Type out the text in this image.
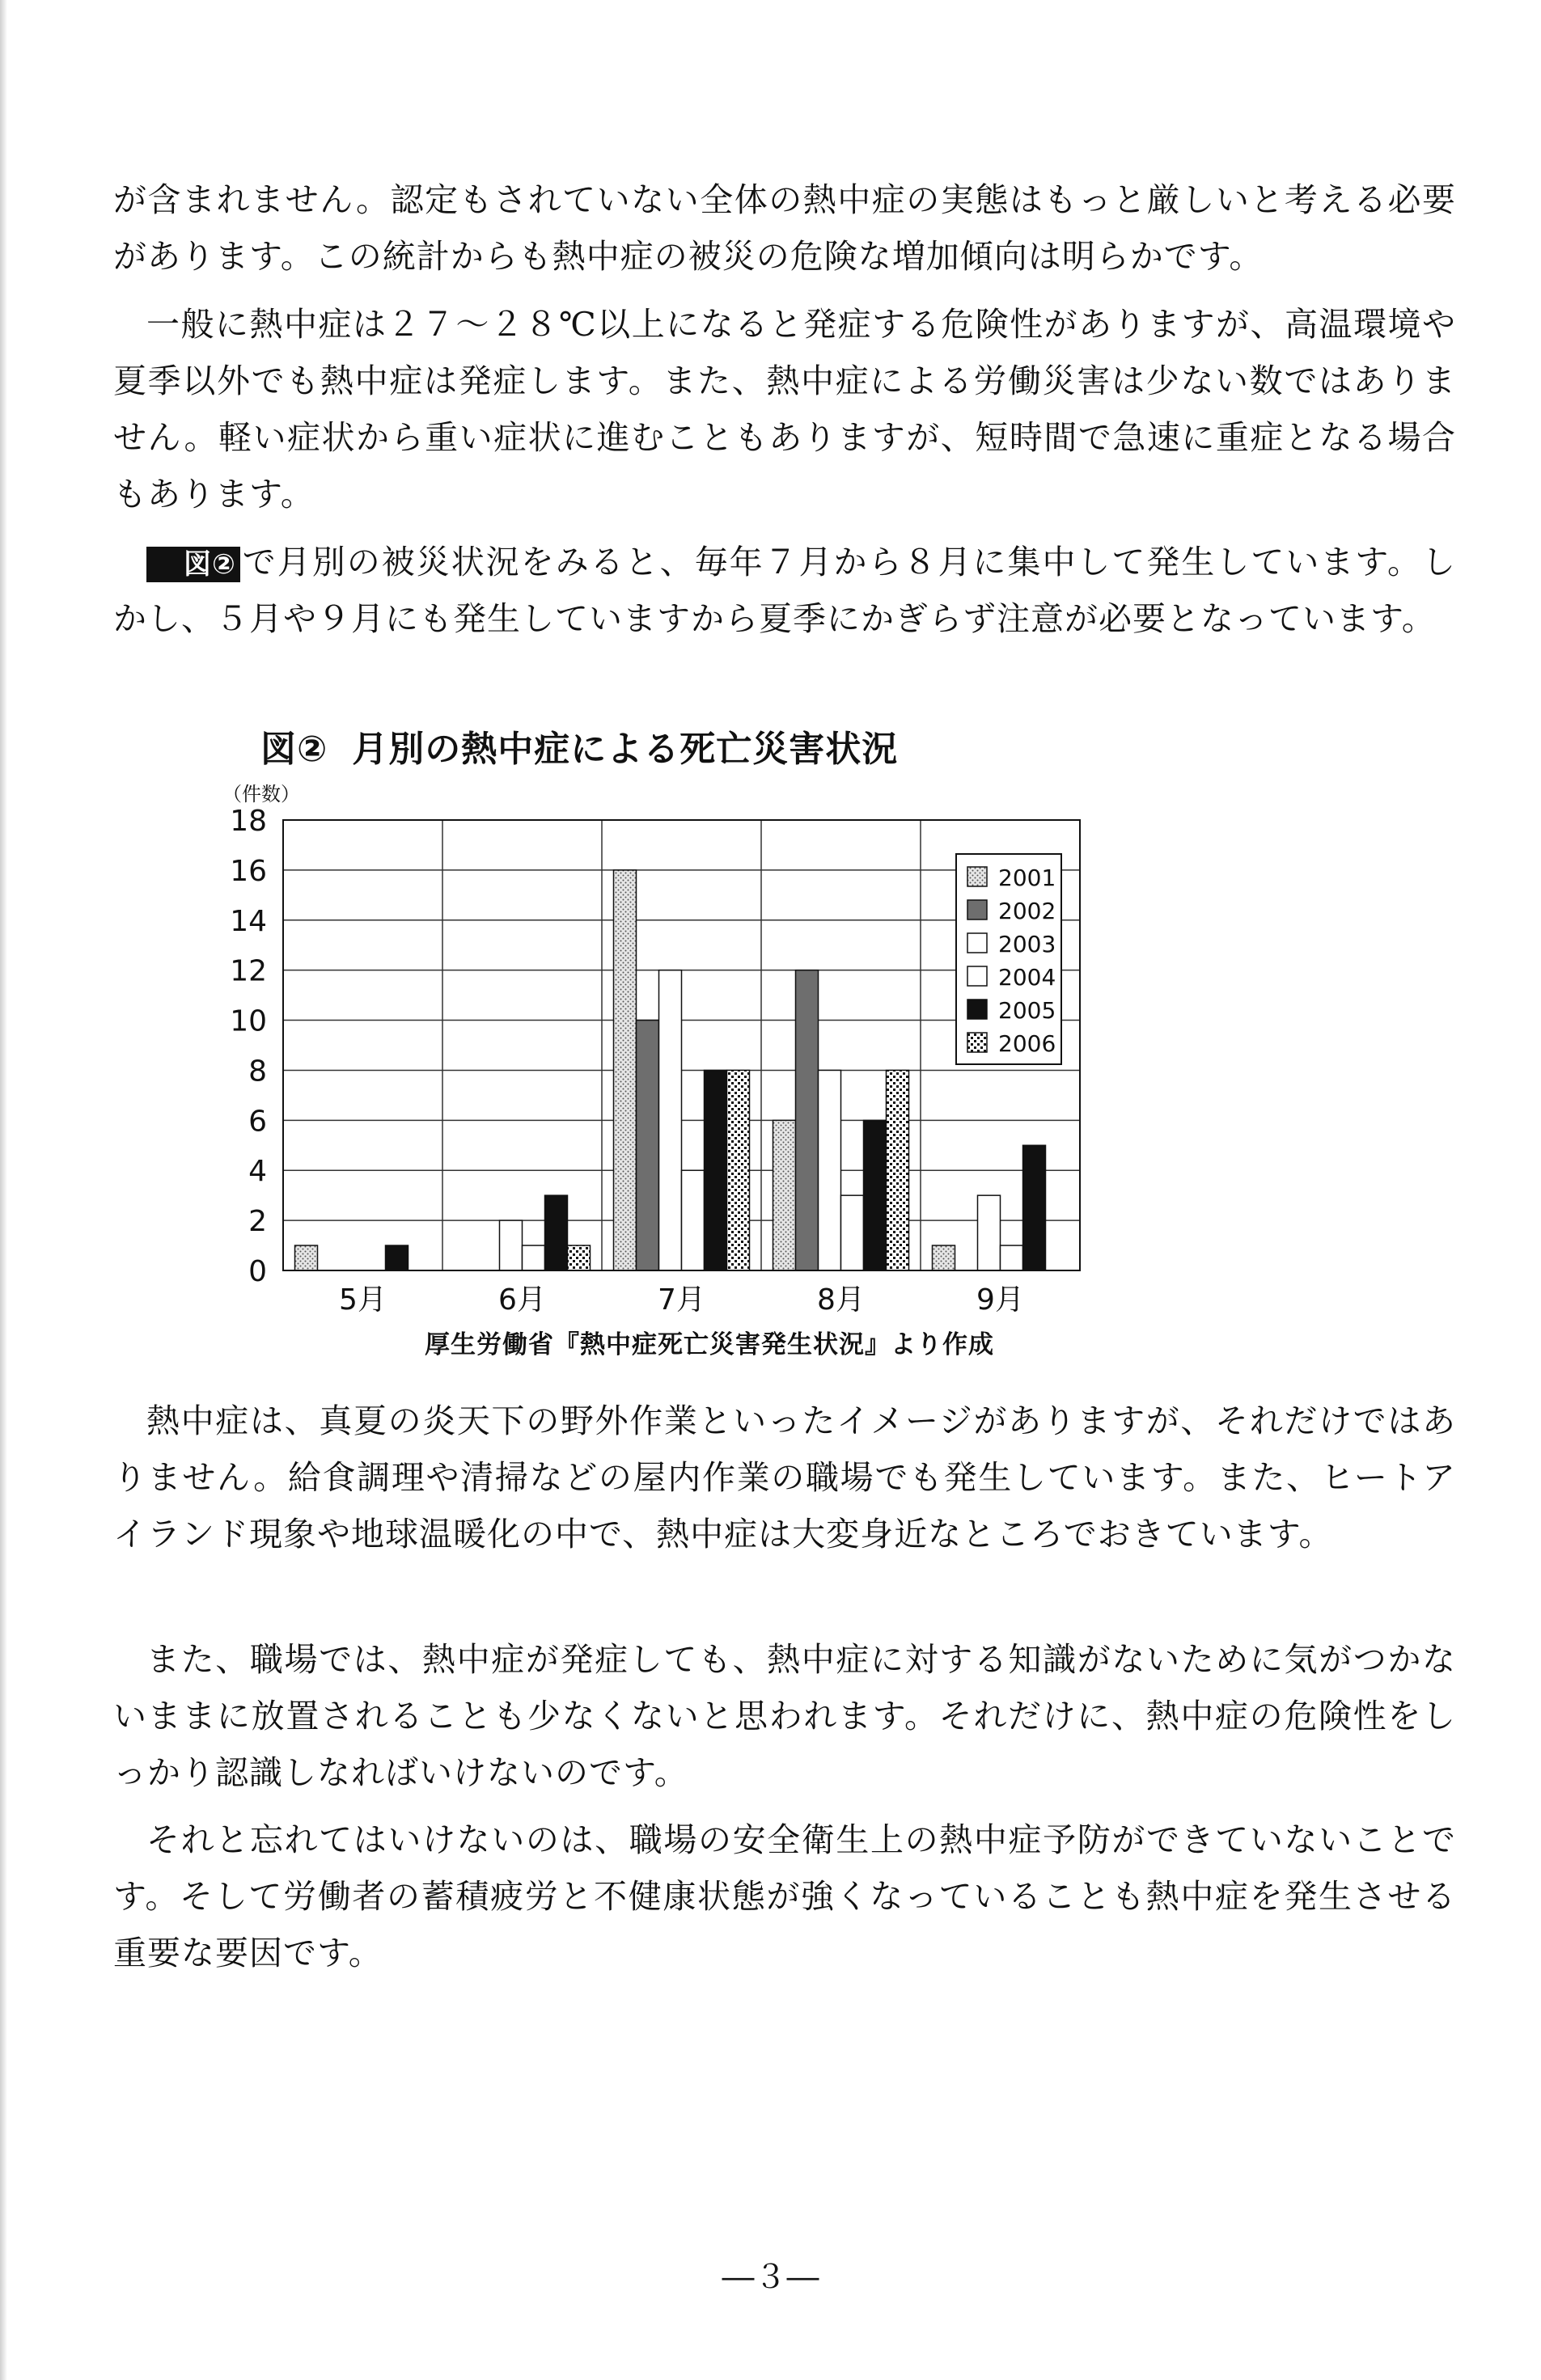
が含まれません。認定もされていない全体の熱中症の実態はもっと厳しいと考える必要があります。この統計からも熱中症の被災の危険な増加傾向は明らかです。

一般に熱中症は２７～２８℃以上になると発症する危険性がありますが、高温環境や夏季以外でも熱中症は発症します。また、熱中症による労働災害は少ない数ではありません。軽い症状から重い症状に進むこともありますが、短時間で急速に重症となる場合もあります。

図② で月別の被災状況をみると、毎年７月から８月に集中して発生しています。しかし、５月や９月にも発生していますから夏季にかぎらず注意が必要となっています。

図② 月別の熱中症による死亡災害状況
（件数）
0
2
4
6
8
10
12
14
16
18
5月	6月	7月	8月	9月
2001
2002
2003
2004
2005
2006
厚生労働省『熱中症死亡災害発生状況』より作成

熱中症は、真夏の炎天下の野外作業といったイメージがありますが、それだけではありません。給食調理や清掃などの屋内作業の職場でも発生しています。また、ヒートアイランド現象や地球温暖化の中で、熱中症は大変身近なところでおきています。

また、職場では、熱中症が発症しても、熱中症に対する知識がないために気がつかないままに放置されることも少なくないと思われます。それだけに、熱中症の危険性をしっかり認識しなればいけないのです。

それと忘れてはいけないのは、職場の安全衛生上の熱中症予防ができていないことです。そして労働者の蓄積疲労と不健康状態が強くなっていることも熱中症を発生させる重要な要因です。

―３―
